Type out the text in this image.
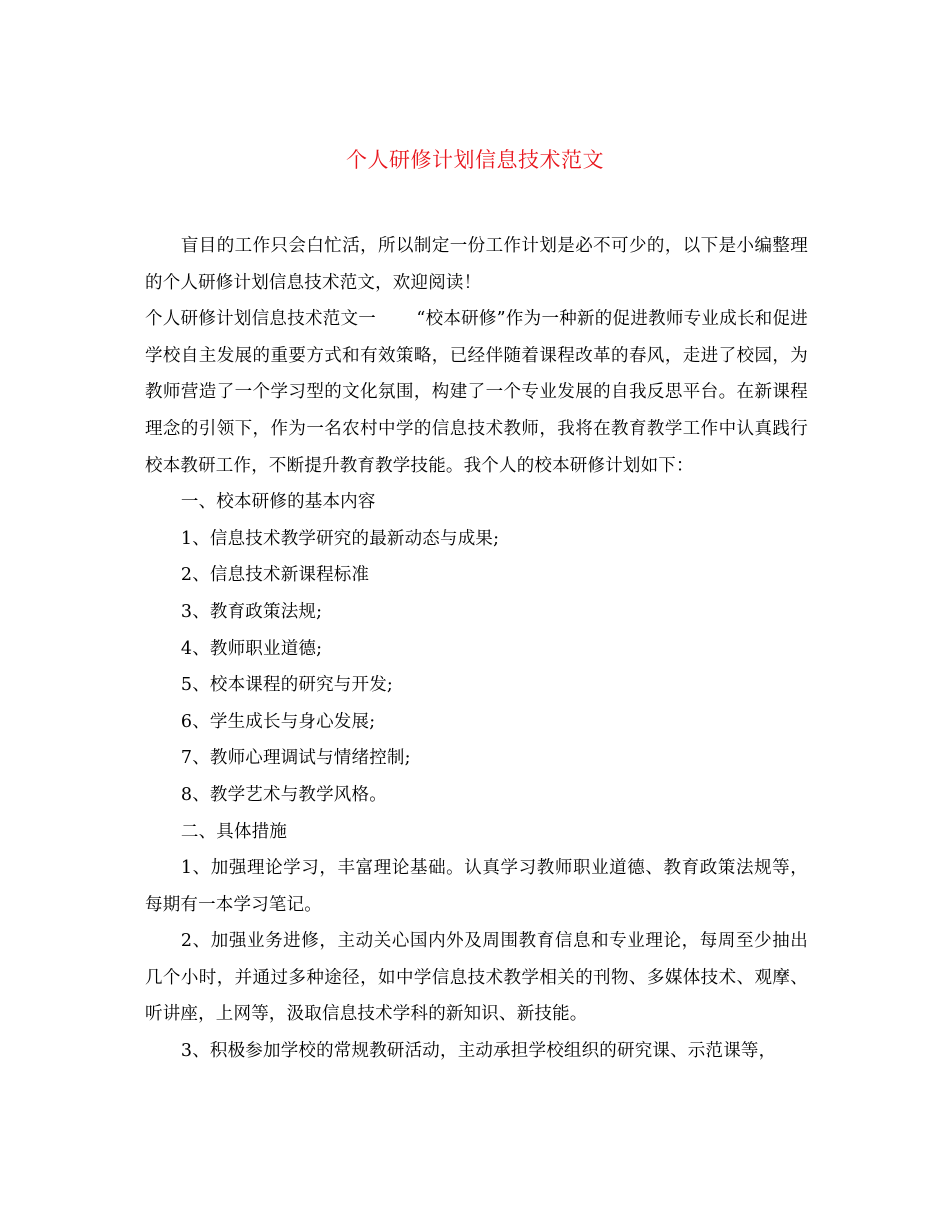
个人研修计划信息技术范文

盲目的工作只会白忙活，所以制定一份工作计划是必不可少的，以下是小编整理的个人研修计划信息技术范文，欢迎阅读！

个人研修计划信息技术范文一 “校本研修”作为一种新的促进教师专业成长和促进学校自主发展的重要方式和有效策略，已经伴随着课程改革的春风，走进了校园，为教师营造了一个学习型的文化氛围，构建了一个专业发展的自我反思平台。在新课程理念的引领下，作为一名农村中学的信息技术教师，我将在教育教学工作中认真践行校本教研工作，不断提升教育教学技能。我个人的校本研修计划如下：

一、校本研修的基本内容

1、信息技术教学研究的最新动态与成果;

2、信息技术新课程标准

3、教育政策法规;

4、教师职业道德;

5、校本课程的研究与开发;

6、学生成长与身心发展;

7、教师心理调试与情绪控制;

8、教学艺术与教学风格。

二、具体措施

1、加强理论学习，丰富理论基础。认真学习教师职业道德、教育政策法规等，每期有一本学习笔记。

2、加强业务进修，主动关心国内外及周围教育信息和专业理论，每周至少抽出几个小时，并通过多种途径，如中学信息技术教学相关的刊物、多媒体技术、观摩、听讲座，上网等，汲取信息技术学科的新知识、新技能。

3、积极参加学校的常规教研活动，主动承担学校组织的研究课、示范课等，
